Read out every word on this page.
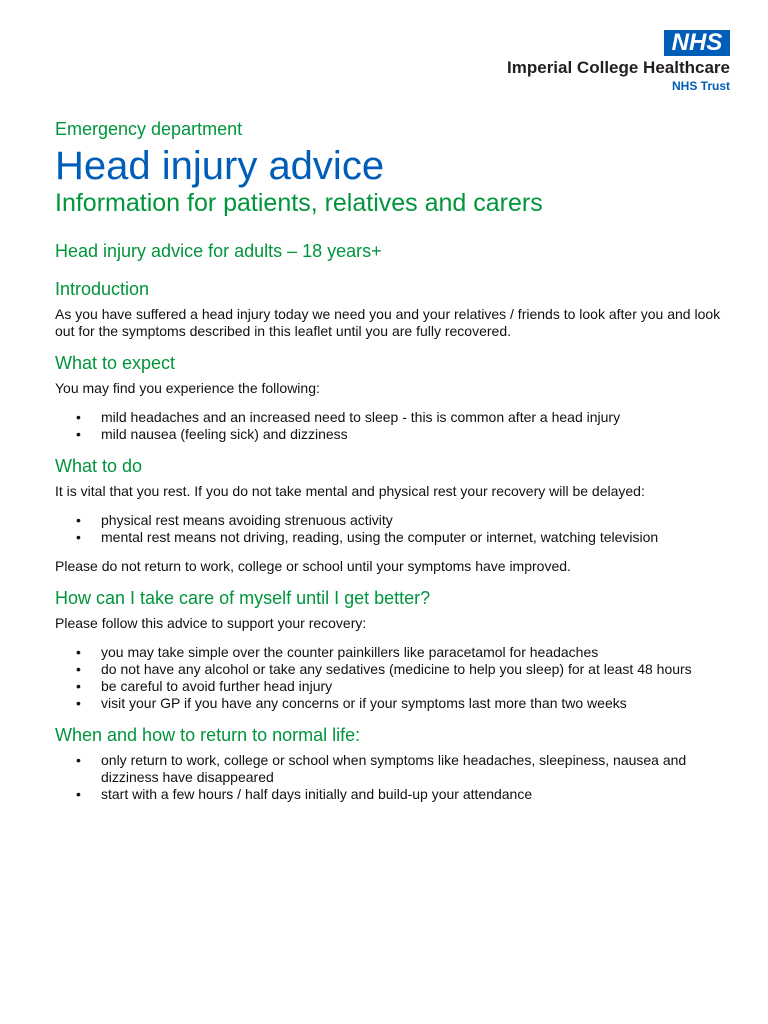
NHS
Imperial College Healthcare
NHS Trust
Emergency department
Head injury advice
Information for patients, relatives and carers
Head injury advice for adults – 18 years+
Introduction

As you have suffered a head injury today we need you and your relatives / friends to look after you and look out for the symptoms described in this leaflet until you are fully recovered.

What to expect

You may find you experience the following:

• mild headaches and an increased need to sleep - this is common after a head injury
• mild nausea (feeling sick) and dizziness
What to do

It is vital that you rest. If you do not take mental and physical rest your recovery will be delayed:

• physical rest means avoiding strenuous activity
• mental rest means not driving, reading, using the computer or internet, watching television

Please do not return to work, college or school until your symptoms have improved.

How can I take care of myself until I get better?

Please follow this advice to support your recovery:

• you may take simple over the counter painkillers like paracetamol for headaches
• do not have any alcohol or take any sedatives (medicine to help you sleep) for at least 48 hours
• be careful to avoid further head injury
• visit your GP if you have any concerns or if your symptoms last more than two weeks
When and how to return to normal life:
• only return to work, college or school when symptoms like headaches, sleepiness, nausea and dizziness have disappeared
• start with a few hours / half days initially and build-up your attendance
